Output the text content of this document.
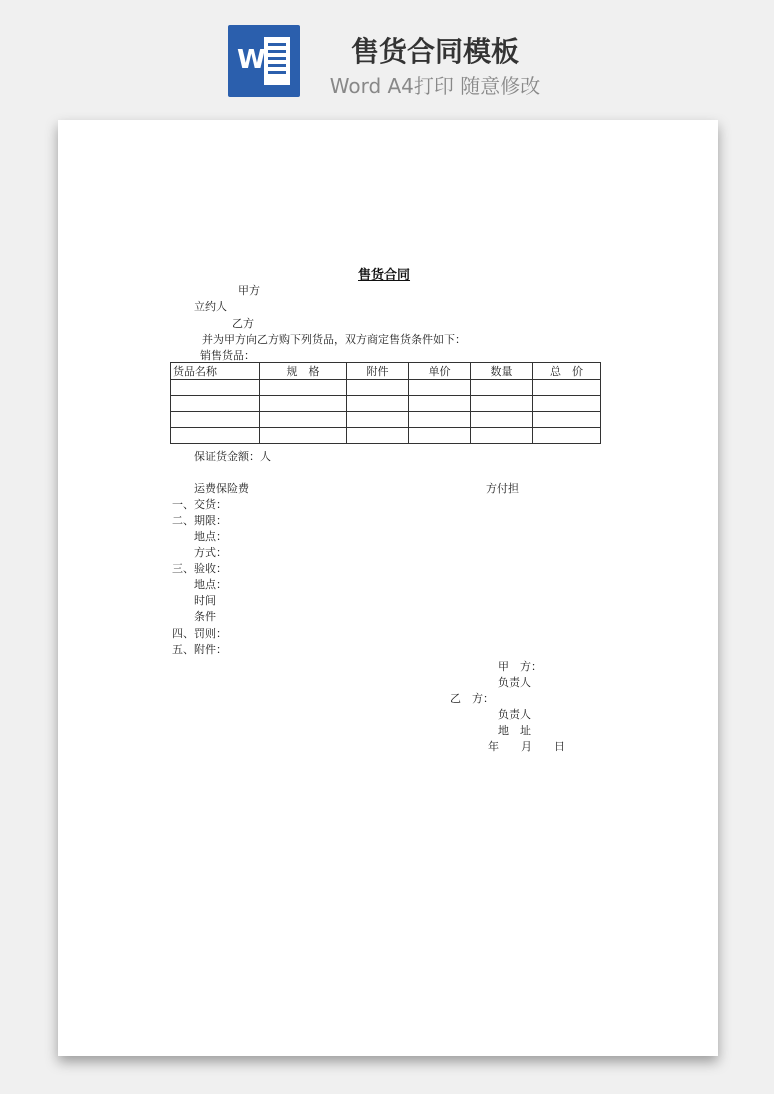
W	售货合同模板
Word A4打印 随意修改
售货合同
甲方
立约人
乙方
并为甲方向乙方购下列货品，双方商定售货条件如下：
销售货品：
货品名称	规　格	附件	单价	数量	总　价

保证货金额：人
运费保险费	方付担
一、交货：
二、期限：
地点：
方式：
三、验收：
地点：
时间
条件
四、罚则：
五、附件：
甲　方：
负责人
乙　方：
负责人
地　址
年　　月　　日
